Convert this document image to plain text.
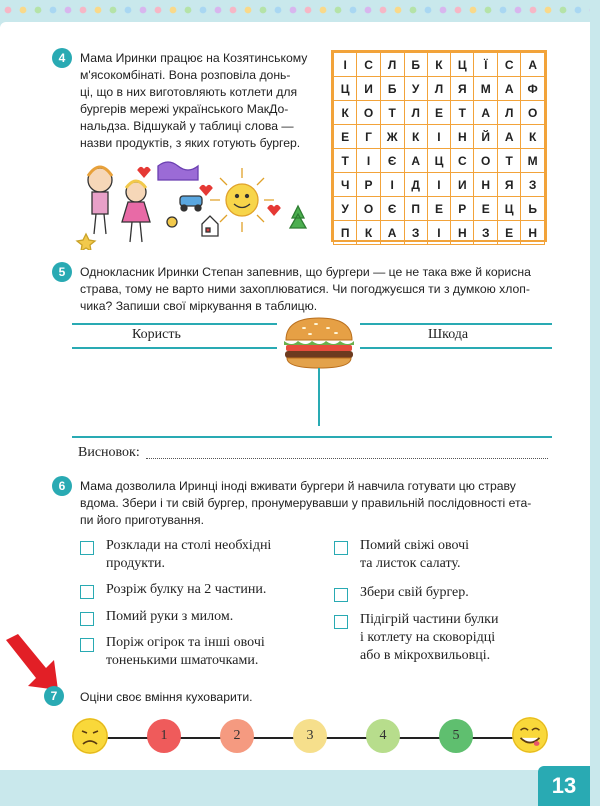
13
4	Мама Иринки працює на Козятинському
м'ясокомбінаті. Вона розповіла донь-
ці, що в них виготовляють котлети для
бургерів мережі українського МакДо-
нальдза. Відшукай у таблиці слова —
назви продуктів, з яких готують бургер.
І	С	Л	Б	К	Ц	Ї	С	А
Ц	И	Б	У	Л	Я	М	А	Ф
К	О	Т	Л	Е	Т	А	Л	О
Е	Г	Ж	К	І	Н	Й	А	К
Т	І	Є	А	Ц	С	О	Т	М
Ч	Р	І	Д	І	И	Н	Я	З
У	О	Є	П	Е	Р	Е	Ц	Ь
П	К	А	З	І	Н	З	Е	Н
5	Однокласник Иринки Степан запевнив, що бургери — це не така вже й корисна
страва, тому не варто ними захоплюватися. Чи погоджуєшся ти з думкою хлоп-
чика? Запиши свої міркування в таблицю.
Користь	Шкода
Висновок:
6	Мама дозволила Иринці іноді вживати бургери й навчила готувати цю страву
вдома. Збери і ти свій бургер, пронумерувавши у правильній послідовності ета-
пи його приготування.
Розклади на столі необхідні
продукти.
Розріж булку на 2 частини.
Помий руки з милом.
Поріж огірок та інші овочі
тоненькими шматочками.
Помий свіжі овочі
та листок салату.
Збери свій бургер.
Підігрій частини булки
і котлету на сковорідці
або в мікрохвильовці.
7	Оціни своє вміння куховарити.
1	2	3	4	5
